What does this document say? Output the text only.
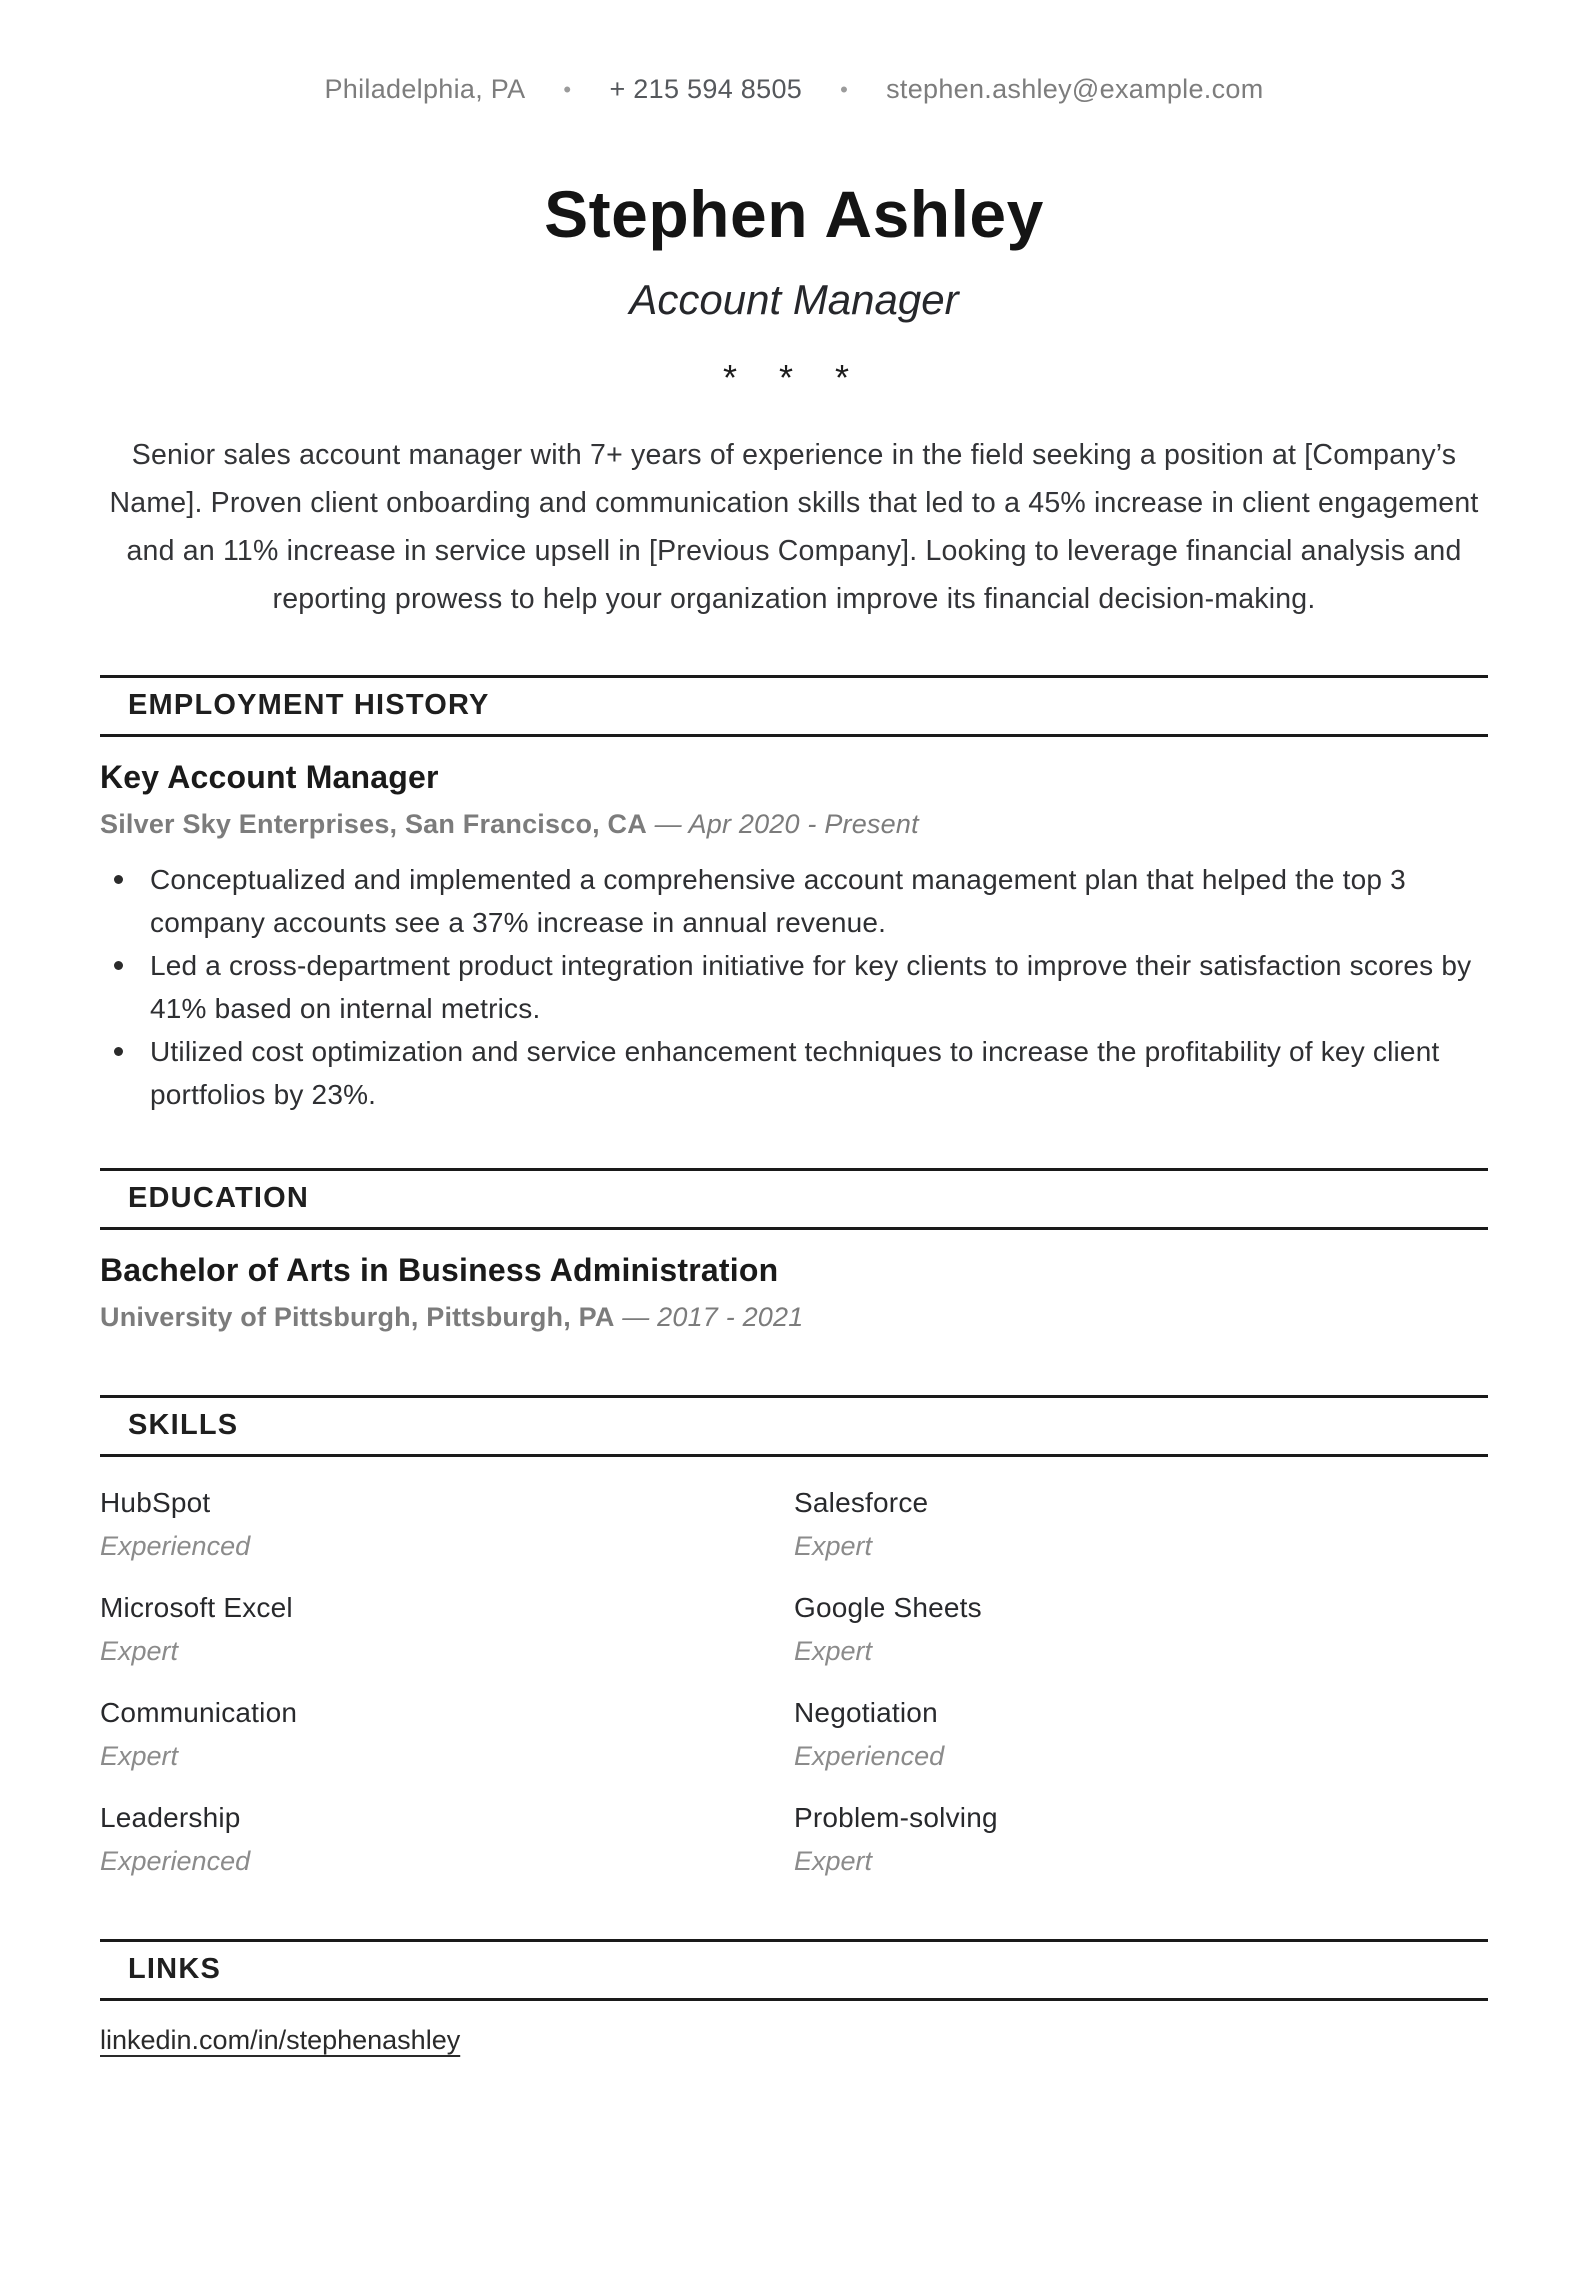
Philadelphia, PA • + 215 594 8505 • stephen.ashley@example.com
Stephen Ashley
Account Manager
* * *

Senior sales account manager with 7+ years of experience in the field seeking a position at [Company’s Name]. Proven client onboarding and communication skills that led to a 45% increase in client engagement and an 11% increase in service upsell in [Previous Company]. Looking to leverage financial analysis and reporting prowess to help your organization improve its financial decision-making.

EMPLOYMENT HISTORY
Key Account Manager

Silver Sky Enterprises, San Francisco, CA — Apr 2020 - Present

Conceptualized and implemented a comprehensive account management plan that helped the top 3 company accounts see a 37% increase in annual revenue.
Led a cross-department product integration initiative for key clients to improve their satisfaction scores by 41% based on internal metrics.
Utilized cost optimization and service enhancement techniques to increase the profitability of key client portfolios by 23%.
EDUCATION
Bachelor of Arts in Business Administration

University of Pittsburgh, Pittsburgh, PA — 2017 - 2021

SKILLS
HubSpot
Experienced
Salesforce
Expert
Microsoft Excel
Expert
Google Sheets
Expert
Communication
Expert
Negotiation
Experienced
Leadership
Experienced
Problem-solving
Expert
LINKS
linkedin.com/in/stephenashley
